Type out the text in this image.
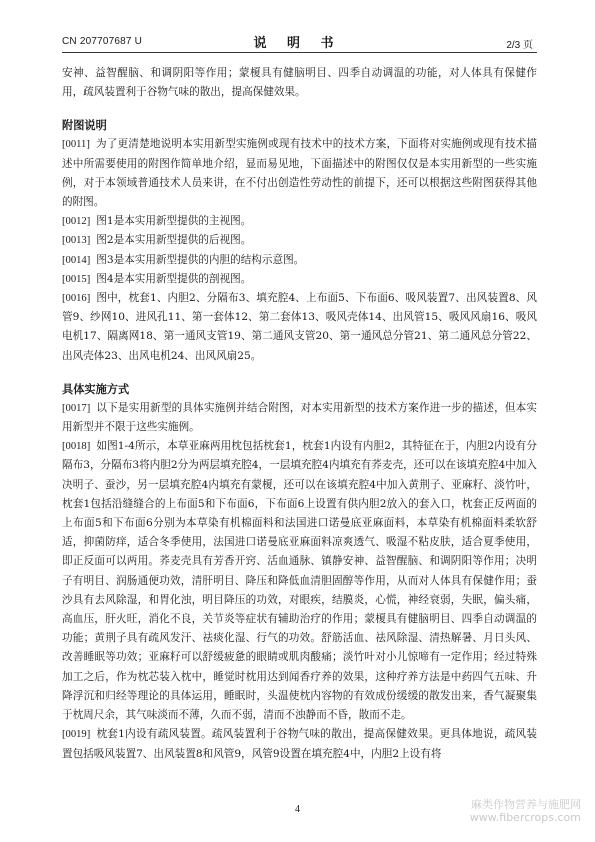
CN 207707687 U	说 明 书	2/3 页

安神、益智醒脑、和调阴阳等作用；蒙榎具有健脑明目、四季自动调温的功能，对人体具有保健作用，疏风装置利于谷物气味的散出，提高保健效果。

附图说明

[0011] 为了更清楚地说明本实用新型实施例或现有技术中的技术方案，下面将对实施例或现有技术描述中所需要使用的附图作简单地介绍，显而易见地，下面描述中的附图仅仅是本实用新型的一些实施例，对于本领域普通技术人员来讲，在不付出创造性劳动性的前提下，还可以根据这些附图获得其他的附图。

[0012] 图1是本实用新型提供的主视图。

[0013] 图2是本实用新型提供的后视图。

[0014] 图3是本实用新型提供的内胆的结构示意图。

[0015] 图4是本实用新型提供的剖视图。

[0016] 图中，枕套1、内胆2、分隔布3、填充腔4、上布面5、下布面6、吸风装置7、出风装置8、风管9、纱网10、进风孔11、第一套体12、第二套体13、吸风壳体14、出风管15、吸风风扇16、吸风电机17、隔离网18、第一通风支管19、第二通风支管20、第一通风总分管21、第二通风总分管22、出风壳体23、出风电机24、出风风扇25。

具体实施方式

[0017] 以下是实用新型的具体实施例并结合附图，对本实用新型的技术方案作进一步的描述，但本实用新型并不限于这些实施例。

[0018] 如图1-4所示，本草亚麻两用枕包括枕套1，枕套1内设有内胆2，其特征在于，内胆2内设有分隔布3，分隔布3将内胆2分为两层填充腔4，一层填充腔4内填充有荞麦壳，还可以在该填充腔4中加入决明子、蚕沙，另一层填充腔4内填充有蒙榎，还可以在该填充腔4中加入黄荆子、亚麻籽、淡竹叶，枕套1包括沿缝缝合的上布面5和下布面6，下布面6上设置有供内胆2放入的套入口，枕套正反两面的上布面5和下布面6分别为本草染有机棉面料和法国进口诺曼底亚麻面料，本草染有机棉面料柔软舒适，抑菌防痒，适合冬季使用，法国进口诺曼底亚麻面料凉爽透气、吸湿不粘皮肤，适合夏季使用，即正反面可以两用。荞麦壳具有芳香开窍、活血通脉、镇静安神、益智醒脑、和调阴阳等作用；决明子有明目、润肠通便功效，清肝明目、降压和降低血清胆固醇等作用，从而对人体具有保健作用；蚕沙具有去风除湿，和胃化浊，明目降压的功效，对眼疾，结膜炎，心慌，神经衰弱，失眠，偏头痛，高血压，肝火旺，消化不良，关节炎等症状有辅助治疗的作用；蒙榎具有健脑明目、四季自动调温的功能；黄荆子具有疏风发汗、祛痰化湿、行气的功效。舒筋活血、祛风除湿、清热解暑、月日头风、改善睡眠等功效；亚麻籽可以舒缓疲惫的眼睛或肌肉酸痛；淡竹叶对小儿惊啼有一定作用；经过特殊加工之后，作为枕芯装入枕中，睡觉时枕用达到闻香疗养的效果，这种疗养方法是中药四气五味、升降浮沉和归经等理论的具体运用，睡眠时，头温使枕内容物的有效成份缓缓的散发出来，香气凝聚集于枕周尺余，其气味淡而不薄，久而不弱，清而不浊静而不昏，散而不走。

[0019] 枕套1内设有疏风装置。疏风装置利于谷物气味的散出，提高保健效果。更具体地说，疏风装置包括吸风装置7、出风装置8和风管9，风管9设置在填充腔4中，内胆2上设有将

4	麻类作物营养与施肥网
www.fibercrops.com
